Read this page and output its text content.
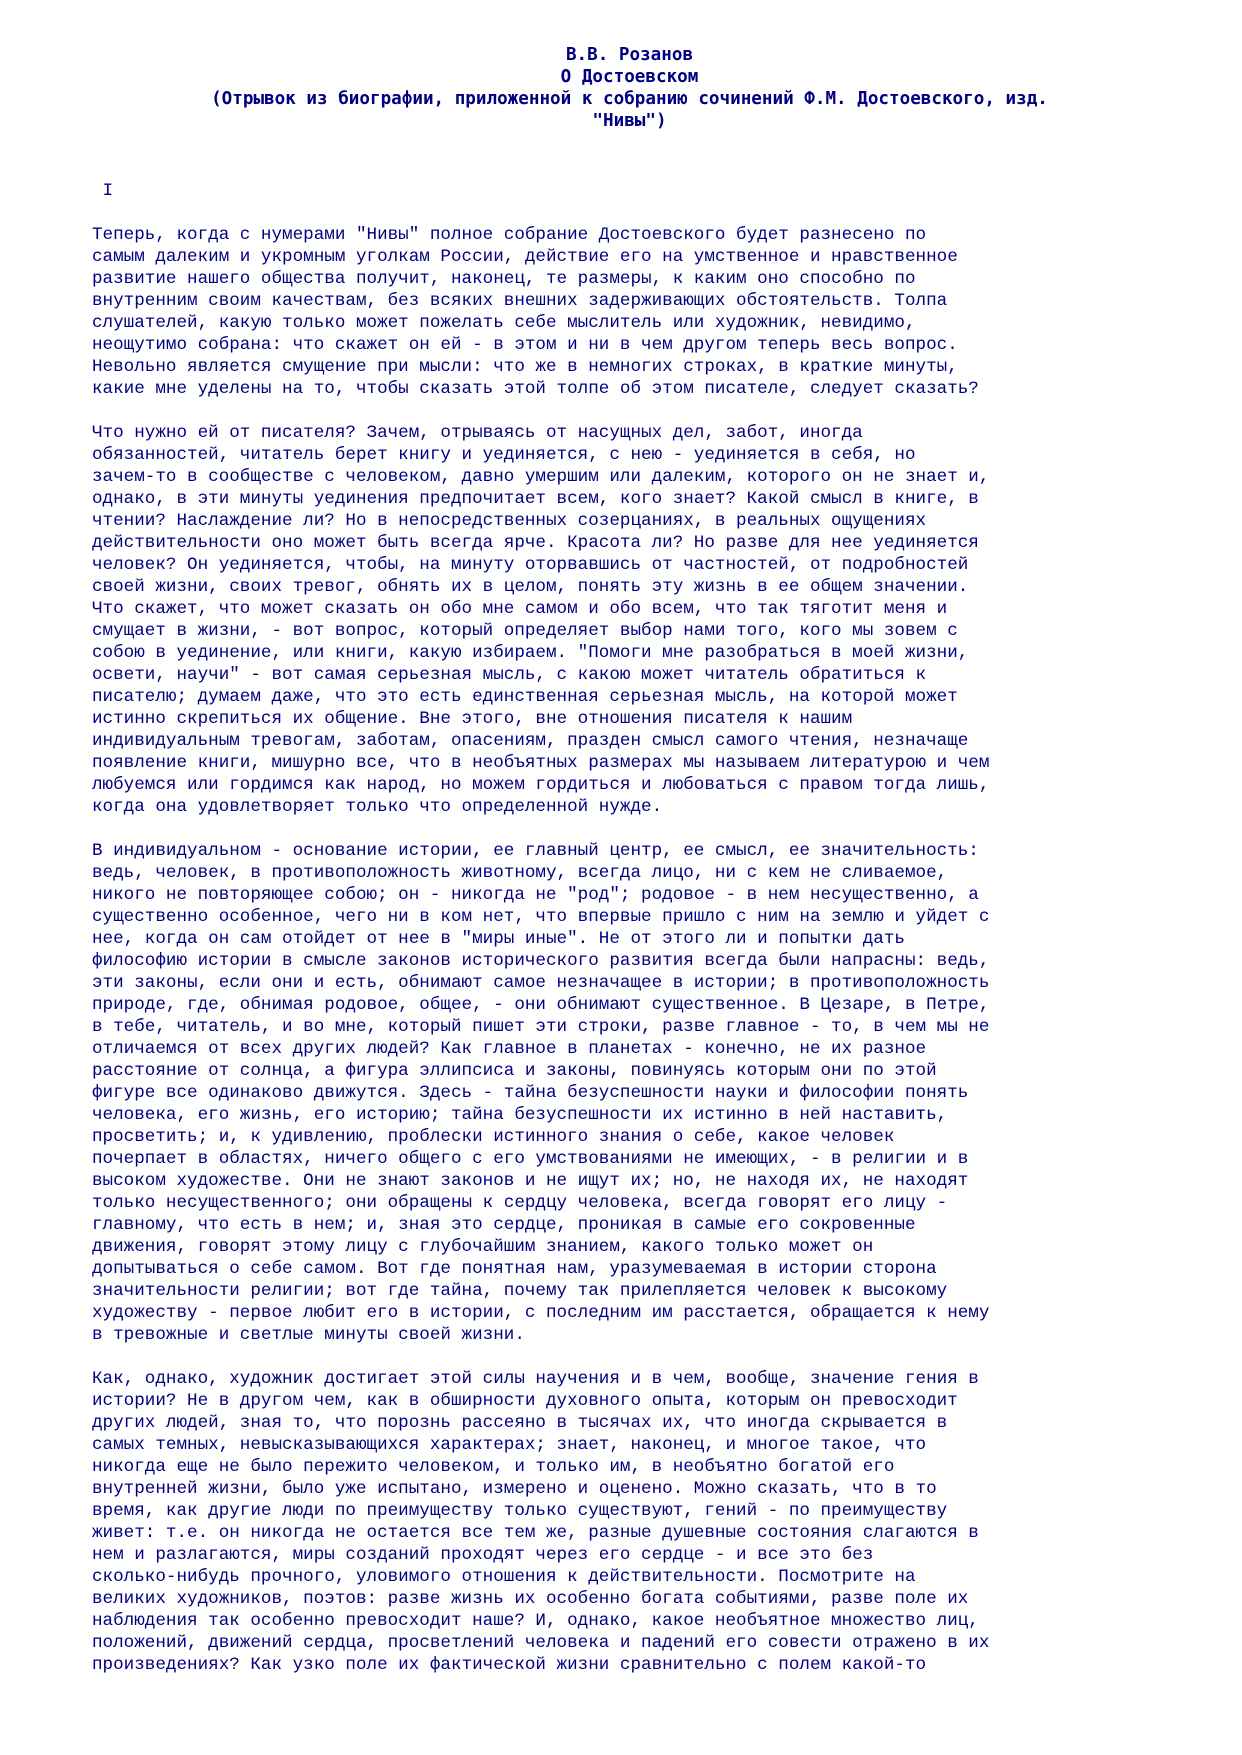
В.В. Розанов
О Достоевском
(Отрывок из биографии, приложенной к собранию сочинений Ф.М. Достоевского, изд.
"Нивы")
I

Теперь, когда с нумерами "Нивы" полное собрание Достоевского будет разнесено по
самым далеким и укромным уголкам России, действие его на умственное и нравственное
развитие нашего общества получит, наконец, те размеры, к каким оно способно по
внутренним своим качествам, без всяких внешних задерживающих обстоятельств. Толпа
слушателей, какую только может пожелать себе мыслитель или художник, невидимо,
неощутимо собрана: что скажет он ей - в этом и ни в чем другом теперь весь вопрос.
Невольно является смущение при мысли: что же в немногих строках, в краткие минуты,
какие мне уделены на то, чтобы сказать этой толпе об этом писателе, следует сказать?

Что нужно ей от писателя? Зачем, отрываясь от насущных дел, забот, иногда
обязанностей, читатель берет книгу и уединяется, с нею - уединяется в себя, но
зачем-то в сообществе с человеком, давно умершим или далеким, которого он не знает и,
однако, в эти минуты уединения предпочитает всем, кого знает? Какой смысл в книге, в
чтении? Наслаждение ли? Но в непосредственных созерцаниях, в реальных ощущениях
действительности оно может быть всегда ярче. Красота ли? Но разве для нее уединяется
человек? Он уединяется, чтобы, на минуту оторвавшись от частностей, от подробностей
своей жизни, своих тревог, обнять их в целом, понять эту жизнь в ее общем значении.
Что скажет, что может сказать он обо мне самом и обо всем, что так тяготит меня и
смущает в жизни, - вот вопрос, который определяет выбор нами того, кого мы зовем с
собою в уединение, или книги, какую избираем. "Помоги мне разобраться в моей жизни,
освети, научи" - вот самая серьезная мысль, с какою может читатель обратиться к
писателю; думаем даже, что это есть единственная серьезная мысль, на которой может
истинно скрепиться их общение. Вне этого, вне отношения писателя к нашим
индивидуальным тревогам, заботам, опасениям, празден смысл самого чтения, незначаще
появление книги, мишурно все, что в необъятных размерах мы называем литературою и чем
любуемся или гордимся как народ, но можем гордиться и любоваться с правом тогда лишь,
когда она удовлетворяет только что определенной нужде.

В индивидуальном - основание истории, ее главный центр, ее смысл, ее значительность:
ведь, человек, в противоположность животному, всегда лицо, ни с кем не сливаемое,
никого не повторяющее собою; он - никогда не "род"; родовое - в нем несущественно, а
существенно особенное, чего ни в ком нет, что впервые пришло с ним на землю и уйдет с
нее, когда он сам отойдет от нее в "миры иные". Не от этого ли и попытки дать
философию истории в смысле законов исторического развития всегда были напрасны: ведь,
эти законы, если они и есть, обнимают самое незначащее в истории; в противоположность
природе, где, обнимая родовое, общее, - они обнимают существенное. В Цезаре, в Петре,
в тебе, читатель, и во мне, который пишет эти строки, разве главное - то, в чем мы не
отличаемся от всех других людей? Как главное в планетах - конечно, не их разное
расстояние от солнца, а фигура эллипсиса и законы, повинуясь которым они по этой
фигуре все одинаково движутся. Здесь - тайна безуспешности науки и философии понять
человека, его жизнь, его историю; тайна безуспешности их истинно в ней наставить,
просветить; и, к удивлению, проблески истинного знания о себе, какое человек
почерпает в областях, ничего общего с его умствованиями не имеющих, - в религии и в
высоком художестве. Они не знают законов и не ищут их; но, не находя их, не находят
только несущественного; они обращены к сердцу человека, всегда говорят его лицу -
главному, что есть в нем; и, зная это сердце, проникая в самые его сокровенные
движения, говорят этому лицу с глубочайшим знанием, какого только может он
допытываться о себе самом. Вот где понятная нам, уразумеваемая в истории сторона
значительности религии; вот где тайна, почему так прилепляется человек к высокому
художеству - первое любит его в истории, с последним им расстается, обращается к нему
в тревожные и светлые минуты своей жизни.

Как, однако, художник достигает этой силы научения и в чем, вообще, значение гения в
истории? Не в другом чем, как в обширности духовного опыта, которым он превосходит
других людей, зная то, что порознь рассеяно в тысячах их, что иногда скрывается в
самых темных, невысказывающихся характерах; знает, наконец, и многое такое, что
никогда еще не было пережито человеком, и только им, в необъятно богатой его
внутренней жизни, было уже испытано, измерено и оценено. Можно сказать, что в то
время, как другие люди по преимуществу только существуют, гений - по преимуществу
живет: т.е. он никогда не остается все тем же, разные душевные состояния слагаются в
нем и разлагаются, миры созданий проходят через его сердце - и все это без
сколько-нибудь прочного, уловимого отношения к действительности. Посмотрите на
великих художников, поэтов: разве жизнь их особенно богата событиями, разве поле их
наблюдения так особенно превосходит наше? И, однако, какое необъятное множество лиц,
положений, движений сердца, просветлений человека и падений его совести отражено в их
произведениях? Как узко поле их фактической жизни сравнительно с полем какой-то
